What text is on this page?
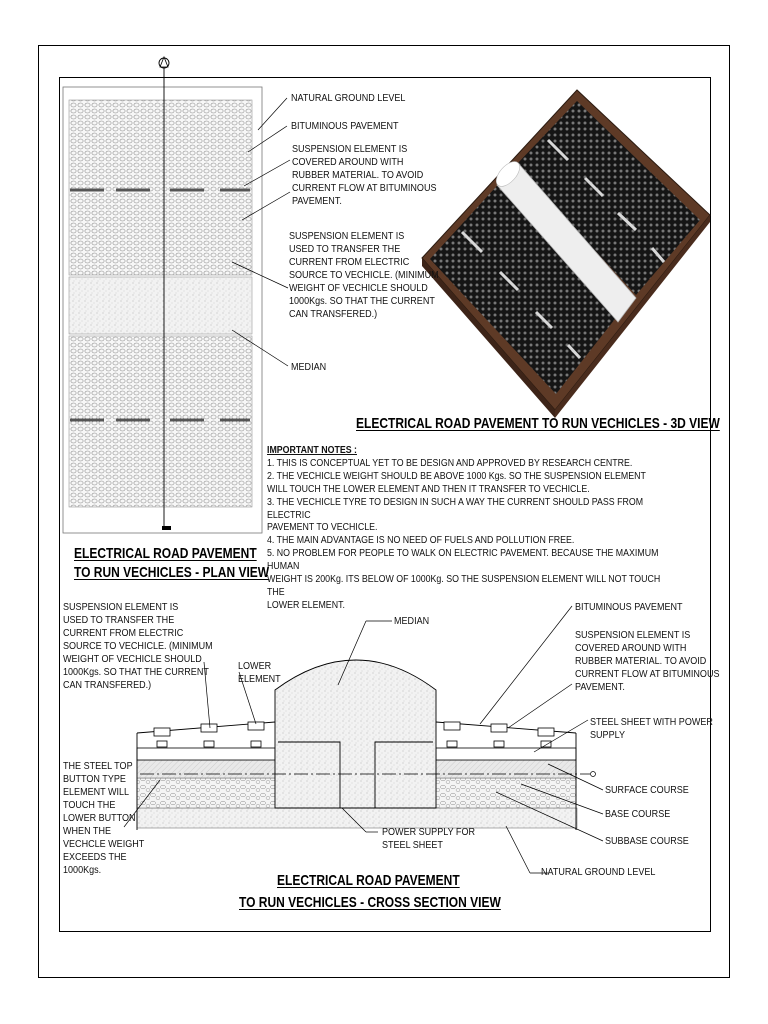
NATURAL GROUND LEVEL
BITUMINOUS PAVEMENT
SUSPENSION ELEMENT IS
COVERED AROUND WITH
RUBBER MATERIAL. TO AVOID
CURRENT FLOW AT BITUMINOUS
PAVEMENT.
SUSPENSION ELEMENT IS
USED TO TRANSFER THE
CURRENT FROM ELECTRIC
SOURCE TO VECHICLE. (MINIMUM
WEIGHT OF VECHICLE SHOULD
1000Kgs. SO THAT THE CURRENT
CAN TRANSFERED.)
MEDIAN
ELECTRICAL ROAD PAVEMENT TO RUN VECHICLES - 3D VIEW
ELECTRICAL ROAD PAVEMENT
TO RUN VECHICLES - PLAN VIEW
ELECTRICAL ROAD PAVEMENT
TO RUN VECHICLES - CROSS SECTION VIEW
IMPORTANT NOTES :
1. THIS IS CONCEPTUAL YET TO BE DESIGN AND APPROVED BY RESEARCH CENTRE.
2. THE VECHICLE WEIGHT SHOULD BE ABOVE 1000 Kgs. SO THE SUSPENSION ELEMENT
WILL TOUCH THE LOWER ELEMENT AND THEN IT TRANSFER TO VECHICLE.
3. THE VECHICLE TYRE TO DESIGN IN SUCH A WAY THE CURRENT SHOULD PASS FROM ELECTRIC
PAVEMENT TO VECHICLE.
4. THE MAIN ADVANTAGE IS NO NEED OF FUELS AND POLLUTION FREE.
5. NO PROBLEM FOR PEOPLE TO WALK ON ELECTRIC PAVEMENT. BECAUSE THE MAXIMUM HUMAN
WEIGHT IS 200Kg. ITS BELOW OF 1000Kg. SO THE SUSPENSION ELEMENT WILL NOT TOUCH THE
LOWER ELEMENT.
SUSPENSION ELEMENT IS
USED TO TRANSFER THE
CURRENT FROM ELECTRIC
SOURCE TO VECHICLE. (MINIMUM
WEIGHT OF VECHICLE SHOULD
1000Kgs. SO THAT THE CURRENT
CAN TRANSFERED.)
LOWER
ELEMENT
MEDIAN
BITUMINOUS PAVEMENT
SUSPENSION ELEMENT IS
COVERED AROUND WITH
RUBBER MATERIAL. TO AVOID
CURRENT FLOW AT BITUMINOUS
PAVEMENT.
STEEL SHEET WITH POWER
SUPPLY
THE STEEL TOP
BUTTON TYPE
ELEMENT WILL
TOUCH THE
LOWER BUTTON
WHEN THE
VECHCLE WEIGHT
EXCEEDS THE
1000Kgs.
SURFACE COURSE
BASE COURSE
SUBBASE COURSE
POWER SUPPLY FOR
STEEL SHEET
NATURAL GROUND LEVEL
